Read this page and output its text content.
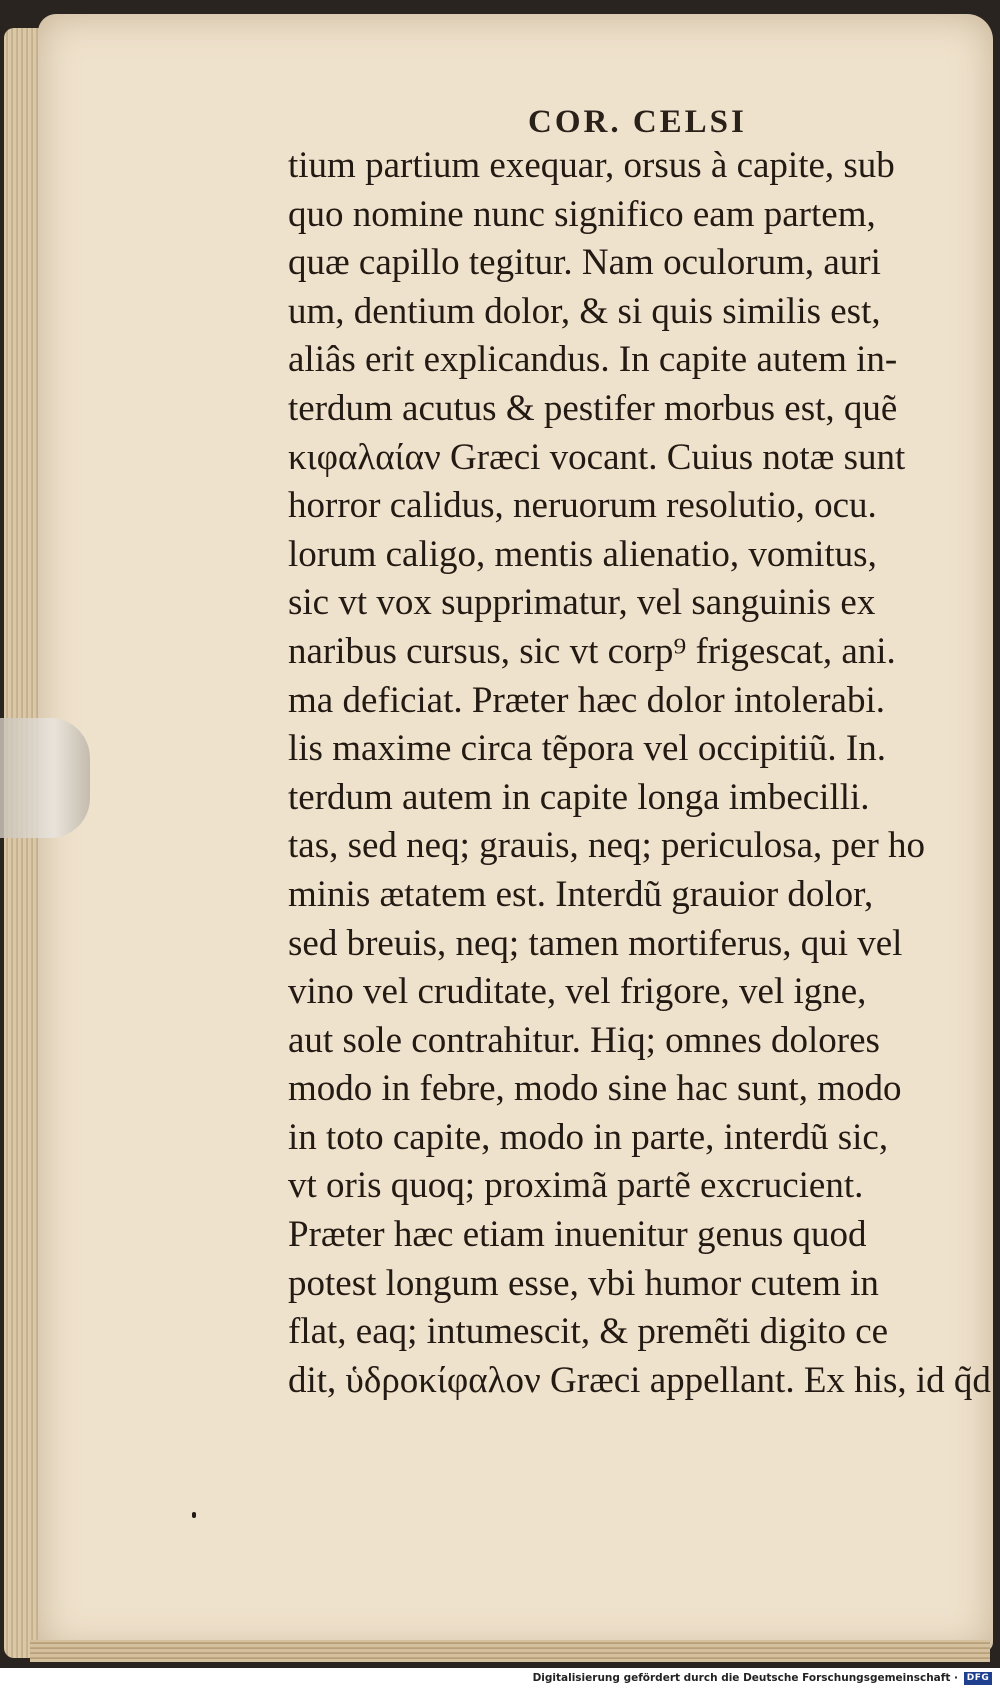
COR. CELSI
tium partium exequar, orsus à capite, sub
quo nomine nunc significo eam partem,
quæ capillo tegitur. Nam oculorum, auri
um, dentium dolor, & si quis similis est,
aliâs erit explicandus. In capite autem in-
terdum acutus & pestifer morbus est, quẽ
κιφαλαίαν Græci vocant. Cuius notæ sunt
horror calidus, neruorum resolutio, ocu.
lorum caligo, mentis alienatio, vomitus,
sic vt vox supprimatur, vel sanguinis ex
naribus cursus, sic vt corp⁹ frigescat, ani.
ma deficiat. Præter hæc dolor intolerabi.
lis maxime circa tẽpora vel occipitiũ. In.
terdum autem in capite longa imbecilli.
tas, sed neq; grauis, neq; periculosa, per ho
minis ætatem est. Interdũ grauior dolor,
sed breuis, neq; tamen mortiferus, qui vel
vino vel cruditate, vel frigore, vel igne,
aut sole contrahitur. Hiq; omnes dolores
modo in febre, modo sine hac sunt, modo
in toto capite, modo in parte, interdũ sic,
vt oris quoq; proximã partẽ excrucient.
Præter hæc etiam inuenitur genus quod
potest longum esse, vbi humor cutem in
flat, eaq; intumescit, & premẽti digito ce
dit, ὑδροκίφαλον Græci appellant. Ex his, id q̃d
Digitalisierung gefördert durch die Deutsche Forschungsgemeinschaft · DFG
